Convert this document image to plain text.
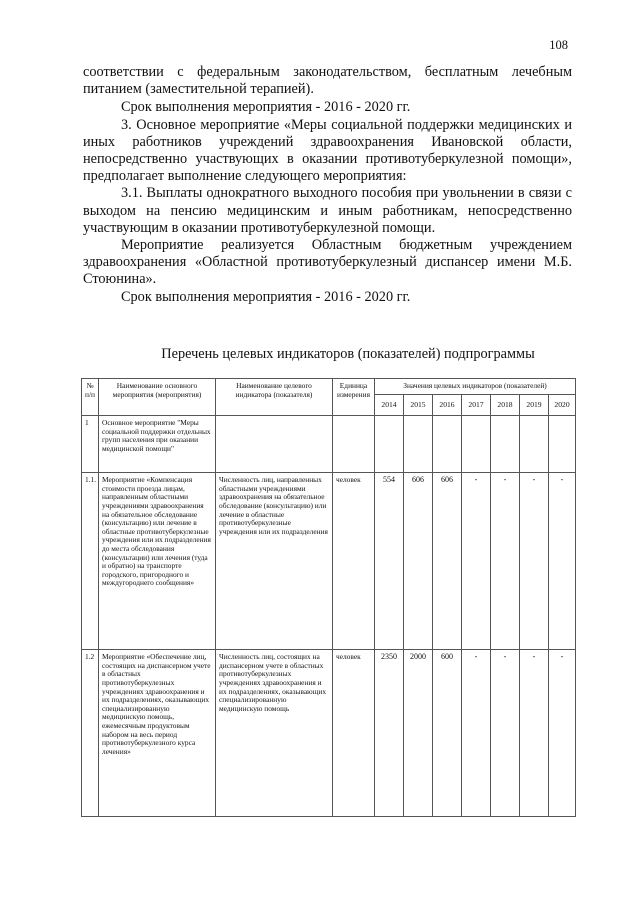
108

соответствии с федеральным законодательством, бесплатным лечебным питанием (заместительной терапией).

Срок выполнения мероприятия - 2016 - 2020 гг.

3. Основное мероприятие «Меры социальной поддержки медицинских и иных работников учреждений здравоохранения Ивановской области, непосредственно участвующих в оказании противотуберкулезной помощи», предполагает выполнение следующего мероприятия:

3.1. Выплаты однократного выходного пособия при увольнении в связи с выходом на пенсию медицинским и иным работникам, непосредственно участвующим в оказании противотуберкулезной помощи.

Мероприятие реализуется Областным бюджетным учреждением здравоохранения «Областной противотуберкулезный диспансер имени М.Б. Стоюнина».

Срок выполнения мероприятия - 2016 - 2020 гг.

Перечень целевых индикаторов (показателей) подпрограммы
№ п/п	Наименование основного мероприятия (мероприятия)	Наименование целевого индикатора (показателя)	Единица измерения	Значения целевых индикаторов (показателей)						
				2014	2015	2016	2017	2018	2019	2020
1	Основное мероприятие "Меры социальной поддержки отдельных групп населения при оказании медицинской помощи"									
1.1.	Мероприятие «Компенсация стоимости проезда лицам, направленным областными учреждениями здравоохранения на обязательное обследование (консультацию) или лечение в областные противотуберкулезные учреждения или их подразделения до места обследования (консультации) или лечения (туда и обратно) на транспорте городского, пригородного и междугороднего сообщения»	Численность лиц, направленных областными учреждениями здравоохранения на обязательное обследование (консультацию) или лечение в областные противотуберкулезные учреждения или их подразделения	человек	554	606	606	-	-	-	-
1.2	Мероприятие «Обеспечение лиц, состоящих на диспансерном учете в областных противотуберкулезных учреждениях здравоохранения и их подразделениях, оказывающих специализированную медицинскую помощь, ежемесячным продуктовым набором на весь период противотуберкулезного курса лечения»	Численность лиц, состоящих на диспансерном учете в областных противотуберкулезных учреждениях здравоохранения и их подразделениях, оказывающих специализированную медицинскую помощь	человек	2350	2000	600	-	-	-	-
